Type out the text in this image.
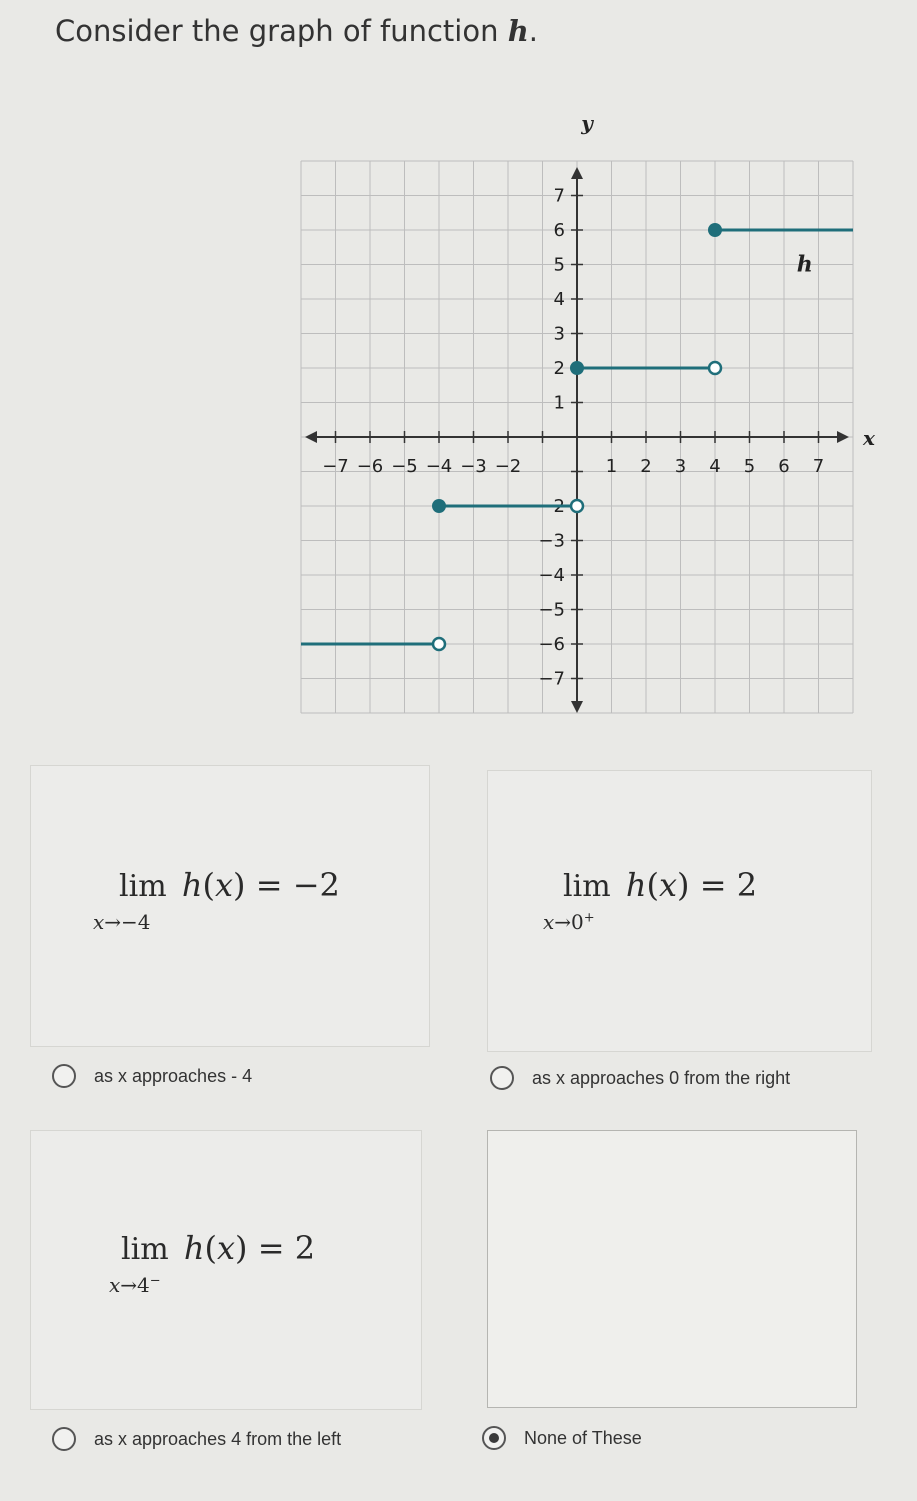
Consider the graph of function h.
−7 −6 −5 −4 −3 −2	1 2 3 4 5 6 7
7
6
5
4
3
2
1
−2
−3
−4
−5
−6
−7
x
y
h
lim h(x) = −2
x→−4
as x approaches - 4
lim h(x) = 2
x→0+
as x approaches 0 from the right
lim h(x) = 2
x→4−
as x approaches 4 from the left	None of These
